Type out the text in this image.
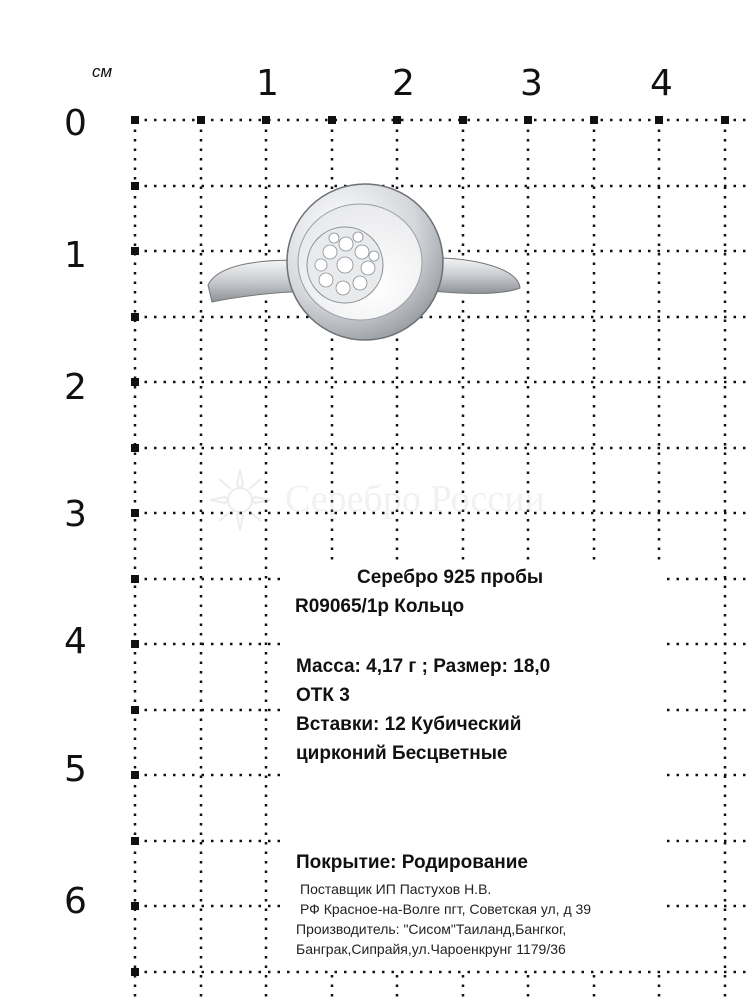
см	1	2	3	4
0
1
2
3
4
5
6
Серебро России
Серебро 925 пробы
R09065/1р Кольцо
Масса: 4,17 г ; Размер: 18,0
ОТК 3
Вставки: 12 Кубический
цирконий Бесцветные
Покрытие: Родирование
Поставщик ИП Пастухов Н.В.
РФ Красное-на-Волге пгт, Советская ул, д 39
Производитель: "Сисом"Таиланд,Бангког,
Банграк,Сипрайя,ул.Чароенкрунг 1179/36
